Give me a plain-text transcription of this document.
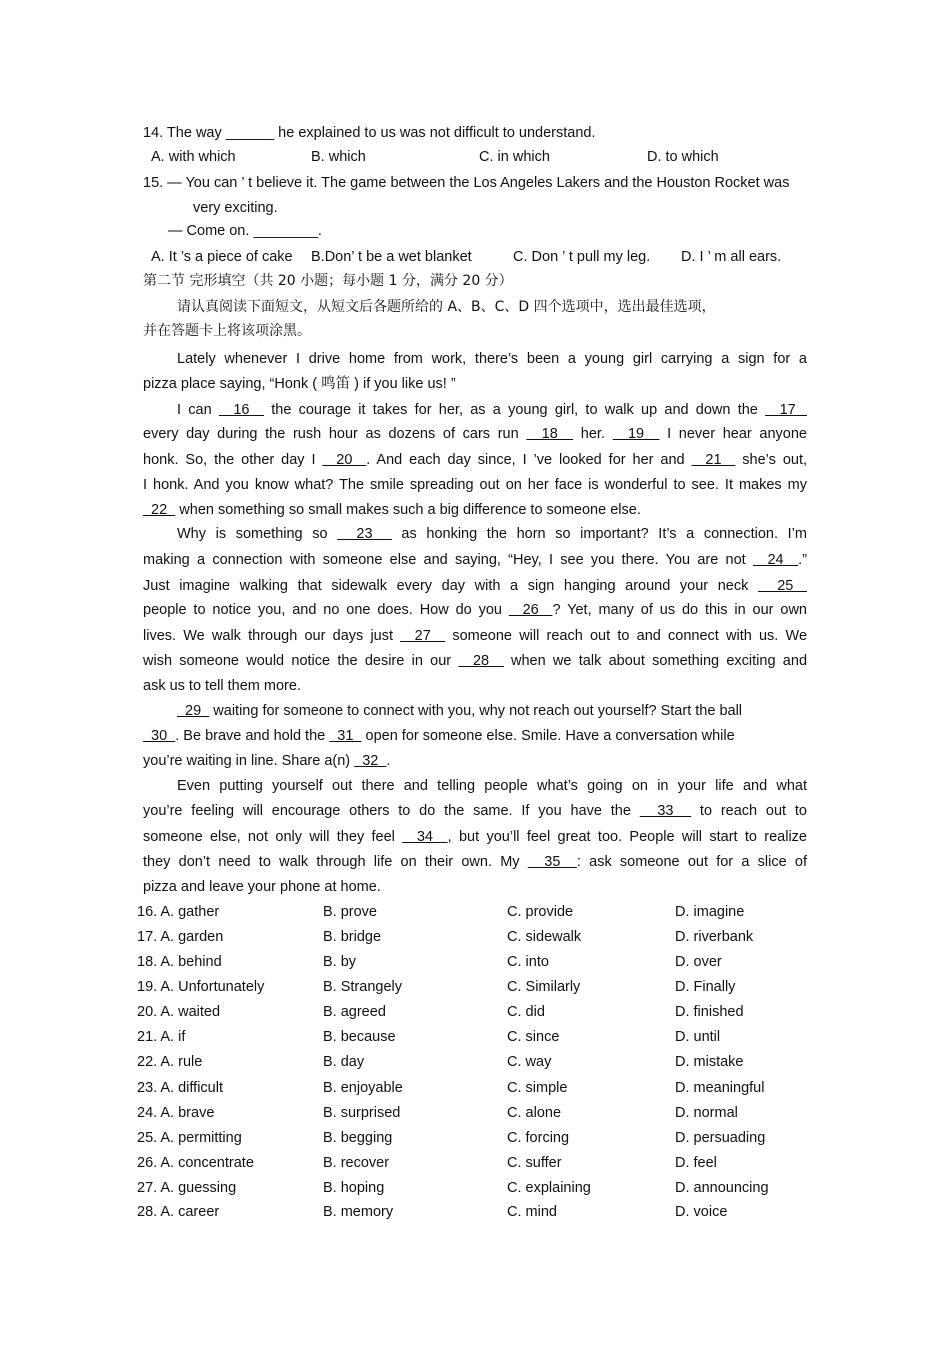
14. The way ______ he explained to us was not difficult to understand.
A. with which	B. which	C. in which	D. to which
15. — You can ’ t believe it. The game between the Los Angeles Lakers and the Houston Rocket was
very exciting.
— Come on. ________.
A. It ’s a piece of cake B.Don’ t be a wet blanket	C. Don ’ t pull my leg. D. I ’ m all ears.
第二节 完形填空（共 20 小题；每小题 1 分，满分 20 分）
请认真阅读下面短文，从短文后各题所给的 A、B、C、D 四个选项中，选出最佳选项，
并在答题卡上将该项涂黑。
Lately whenever I drive home from work, there’s been a young girl carrying a sign for a
pizza place saying, “Honk ( 鸣笛 ) if you like us! ”
I can   16   the courage it takes for her, as a young girl, to walk up and down the   17
every day during the rush hour as dozens of cars run   18   her.   19   I never hear anyone
honk. So, the other day I   20  . And each day since, I ’ve looked for her and   21   she’s out,
I honk. And you know what? The smile spreading out on her face is wonderful to see. It makes my
22   when something so small makes such a big difference to someone else.
Why is something so   23   as honking the horn so important? It’s a connection. I’m
making a connection with someone else and saying, “Hey, I see you there. You are not   24  .”
Just imagine walking that sidewalk every day with a sign hanging around your neck   25
people to notice you, and no one does. How do you   26  ? Yet, many of us do this in our own
lives. We walk through our days just   27   someone will reach out to and connect with us. We
wish someone would notice the desire in our   28   when we talk about something exciting and
ask us to tell them more.
29   waiting for someone to connect with you, why not reach out yourself? Start the ball
30  . Be brave and hold the   31   open for someone else. Smile. Have a conversation while
you’re waiting in line. Share a(n)   32  .
Even putting yourself out there and telling people what’s going on in your life and what
you’re feeling will encourage others to do the same. If you have the   33   to reach out to
someone else, not only will they feel   34  , but you’ll feel great too. People will start to realize
they don’t need to walk through life on their own. My   35  : ask someone out for a slice of
pizza and leave your phone at home.
16. A. gather	B. prove	C. provide	D. imagine
17. A. garden	B. bridge	C. sidewalk	D. riverbank
18. A. behind	B. by	C. into	D. over
19. A. Unfortunately	B. Strangely	C. Similarly	D. Finally
20. A. waited	B. agreed	C. did	D. finished
21. A. if	B. because	C. since	D. until
22. A. rule	B. day	C. way	D. mistake
23. A. difficult	B. enjoyable	C. simple	D. meaningful
24. A. brave	B. surprised	C. alone	D. normal
25. A. permitting	B. begging	C. forcing	D. persuading
26. A. concentrate	B. recover	C. suffer	D. feel
27. A. guessing	B. hoping	C. explaining	D. announcing
28. A. career	B. memory	C. mind	D. voice
